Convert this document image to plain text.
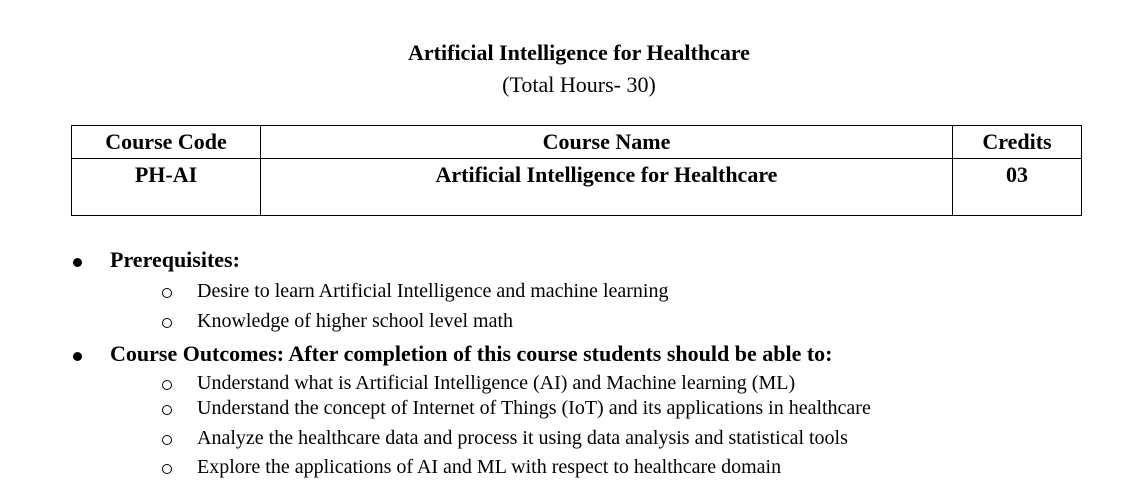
Artificial Intelligence for Healthcare
(Total Hours- 30)
Course Code	Course Name	Credits
PH-AI	Artificial Intelligence for Healthcare	03
Prerequisites:
Desire to learn Artificial Intelligence and machine learning
Knowledge of higher school level math
Course Outcomes: After completion of this course students should be able to:
Understand what is Artificial Intelligence (AI) and Machine learning (ML)
Understand the concept of Internet of Things (IoT) and its applications in healthcare
Analyze the healthcare data and process it using data analysis and statistical tools
Explore the applications of AI and ML with respect to healthcare domain
